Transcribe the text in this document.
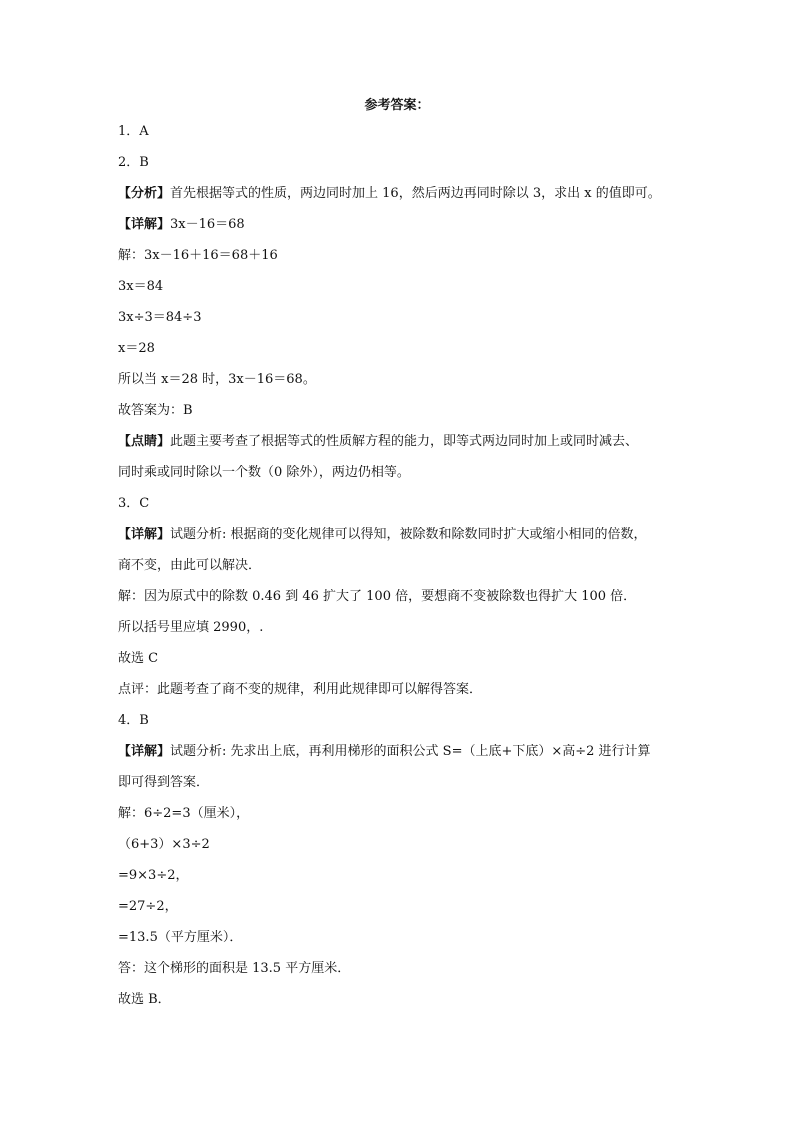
参考答案：
1．A
2．B
【分析】首先根据等式的性质，两边同时加上 16，然后两边再同时除以 3，求出 x 的值即可。
【详解】3x－16＝68
解：3x－16＋16＝68＋16
3x＝84
3x÷3＝84÷3
x＝28
所以当 x＝28 时，3x－16＝68。
故答案为：B
【点睛】此题主要考查了根据等式的性质解方程的能力，即等式两边同时加上或同时减去、
同时乘或同时除以一个数（0 除外），两边仍相等。
3．C
【详解】试题分析: 根据商的变化规律可以得知，被除数和除数同时扩大或缩小相同的倍数，
商不变，由此可以解决．
解：因为原式中的除数 0.46 到 46 扩大了 100 倍，要想商不变被除数也得扩大 100 倍．
所以括号里应填 2990，.
故选 C
点评：此题考查了商不变的规律，利用此规律即可以解得答案．
4．B
【详解】试题分析: 先求出上底，再利用梯形的面积公式 S=（上底+下底）×高÷2 进行计算
即可得到答案．
解：6÷2=3（厘米），
（6+3）×3÷2
=9×3÷2，
=27÷2，
=13.5（平方厘米）．
答：这个梯形的面积是 13.5 平方厘米．
故选 B．
